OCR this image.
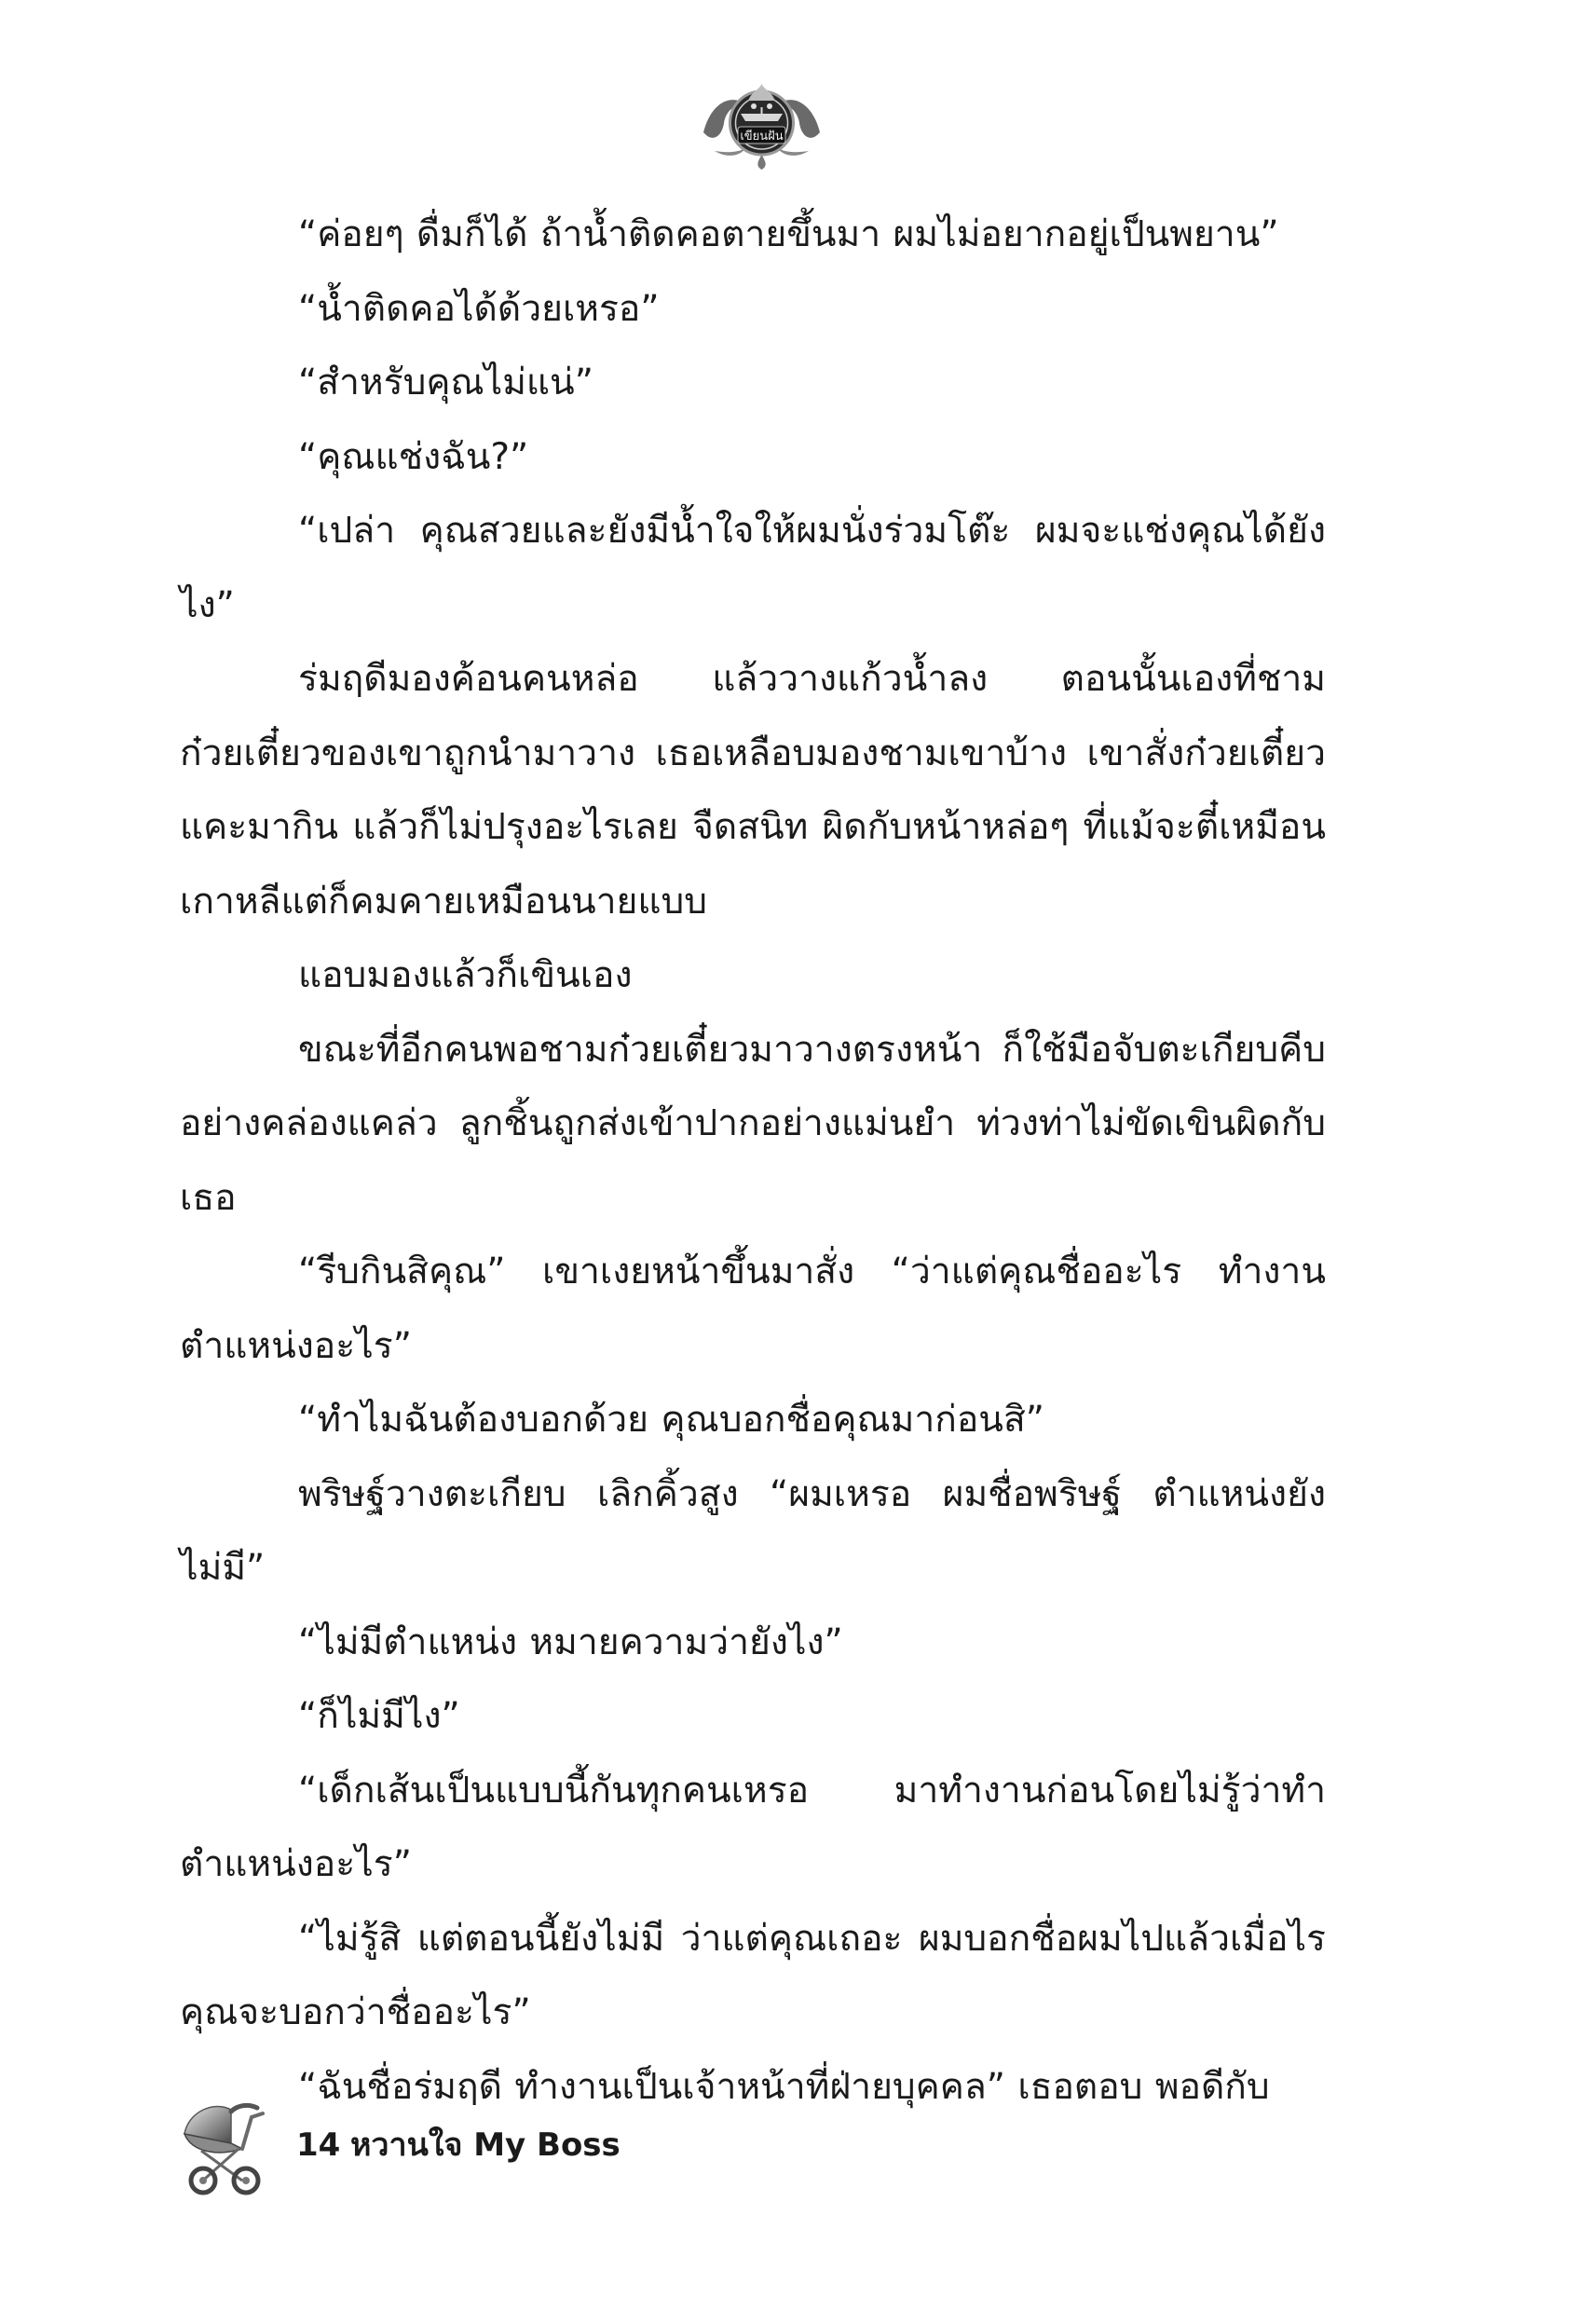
เขียนฝัน

“ค่อยๆ ดื่มก็ได้ ถ้าน้ำติดคอตายขึ้นมา ผมไม่อยากอยู่เป็นพยาน”

“น้ำติดคอได้ด้วยเหรอ”

“สำหรับคุณไม่แน่”

“คุณแช่งฉัน?”

“เปล่า คุณสวยและยังมีน้ำใจให้ผมนั่งร่วมโต๊ะ ผมจะแช่งคุณได้ยังไง”

ร่มฤดีมองค้อนคนหล่อ แล้ววางแก้วน้ำลง ตอนนั้นเองที่ชามก๋วยเตี๋ยวของเขาถูกนำมาวาง เธอเหลือบมองชามเขาบ้าง เขาสั่งก๋วยเตี๋ยวแคะมากิน แล้วก็ไม่ปรุงอะไรเลย จืดสนิท ผิดกับหน้าหล่อๆ ที่แม้จะตี๋เหมือนเกาหลีแต่ก็คมคายเหมือนนายแบบ

แอบมองแล้วก็เขินเอง

ขณะที่อีกคนพอชามก๋วยเตี๋ยวมาวางตรงหน้า ก็ใช้มือจับตะเกียบคีบอย่างคล่องแคล่ว ลูกชิ้นถูกส่งเข้าปากอย่างแม่นยำ ท่วงท่าไม่ขัดเขินผิดกับเธอ

“รีบกินสิคุณ” เขาเงยหน้าขึ้นมาสั่ง “ว่าแต่คุณชื่ออะไร ทำงานตำแหน่งอะไร”

“ทำไมฉันต้องบอกด้วย คุณบอกชื่อคุณมาก่อนสิ”

พริษฐ์วางตะเกียบ เลิกคิ้วสูง “ผมเหรอ ผมชื่อพริษฐ์ ตำแหน่งยังไม่มี”

“ไม่มีตำแหน่ง หมายความว่ายังไง”

“ก็ไม่มีไง”

“เด็กเส้นเป็นแบบนี้กันทุกคนเหรอ มาทำงานก่อนโดยไม่รู้ว่าทำตำแหน่งอะไร”

“ไม่รู้สิ แต่ตอนนี้ยังไม่มี ว่าแต่คุณเถอะ ผมบอกชื่อผมไปแล้วเมื่อไรคุณจะบอกว่าชื่ออะไร”

“ฉันชื่อร่มฤดี ทำงานเป็นเจ้าหน้าที่ฝ่ายบุคคล” เธอตอบ พอดีกับ

14 หวานใจ My Boss
